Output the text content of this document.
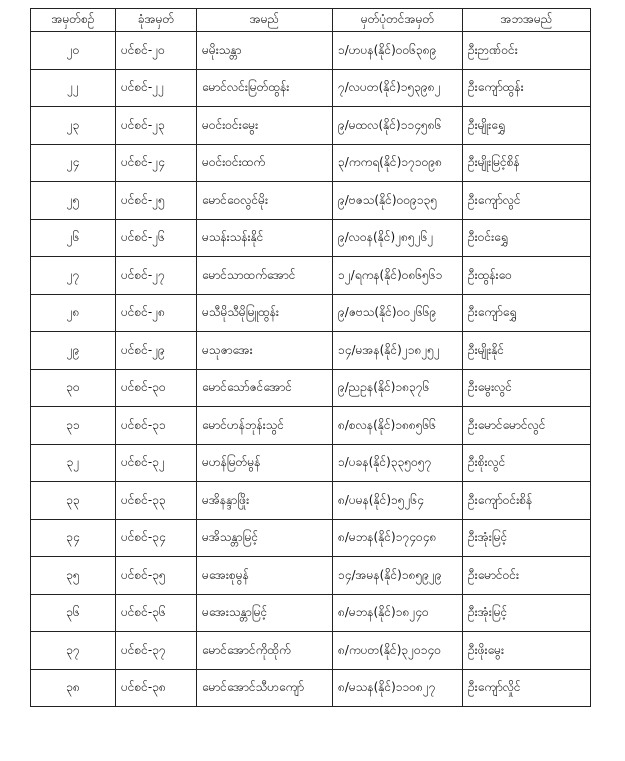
အမှတ်စဉ်	ခုံအမှတ်	အမည်	မှတ်ပုံတင်အမှတ်	အဘအမည်
၂၀	ပင်စင်-၂၀	မမိုးသန္တာ	၁/ဟပန(နိုင်)၀၀၆၃၈၉	ဦးဉာဏ်ဝင်း
၂၂	ပင်စင်-၂၂	မောင်လင်းမြတ်ထွန်း	၇/လပတ(နိုင်)၁၅၃၉၈၂	ဦးကျော်ထွန်း
၂၃	ပင်စင်-၂၃	မဝင်းဝင်းမွေး	၉/မထလ(နိုင်)၁၁၄၅၈၆	ဦးမျိုးရွှေ
၂၄	ပင်စင်-၂၄	မဝင်းဝင်းထက်	၃/ကကရ(နိုင်)၁၇၁၀၉၈	ဦးမျိုးမြင့်စိန်
၂၅	ပင်စင်-၂၅	မောင်ဝေလွင်မိုး	၉/ဗဇသ(နိုင်)၀၀၉၁၃၅	ဦးကျော်လွင်
၂၆	ပင်စင်-၂၆	မသန်းသန်းနိုင်	၉/လဝန(နိုင်)၂၈၅၂၆၂	ဦးဝင်းရွှေ
၂၇	ပင်စင်-၂၇	မောင်သာထက်အောင်	၁၂/ရကန(နိုင်)၀၈၆၅၆၁	ဦးထွန်းဝေ
၂၈	ပင်စင်-၂၈	မသီမိုသီမိုမြူထွန်း	၉/ဇဗသ(နိုင်)၀၀၂၆၆၉	ဦးကျော်ရွှေ
၂၉	ပင်စင်-၂၉	မသုဇာအေး	၁၄/မအန(နိုင်)၂၁၈၂၅၂	ဦးမျိုးနိုင်
၃၀	ပင်စင်-၃၀	မောင်သော်ဇင်အောင်	၉/ညဥန(နိုင်)၁၈၃၇၆	ဦးမွေးလွင်
၃၁	ပင်စင်-၃၁	မောင်ဟန်ဘုန်းသွင်	၈/စလန(နိုင်)၁၈၈၅၆၆	ဦးမောင်မောင်လွင်
၃၂	ပင်စင်-၃၂	မဟန်မြတ်မွန်	၁/ပခန(နိုင်)၃၃၅၀၅၇	ဦးစိုးလွင်
၃၃	ပင်စင်-၃၃	မအိနန္ဒာဖြိုး	၈/ပမန(နိုင်)၁၅၂၆၄	ဦးကျော်ဝင်းစိန်
၃၄	ပင်စင်-၃၄	မအိသန္တာမြင့်	၈/မဘန(နိုင်)၁၇၄၀၄၈	ဦးအုံးမြင့်
၃၅	ပင်စင်-၃၅	မအေးစုမွန်	၁၄/အမန(နိုင်)၁၈၅၉၂၉	ဦးမောင်ဝင်း
၃၆	ပင်စင်-၃၆	မအေးသန္တာမြင့်	၈/မဘန(နိုင်)၁၈၂၄၀	ဦးအုံးမြင့်
၃၇	ပင်စင်-၃၇	မောင်အောင်ကိုထိုက်	၈/ကပတ(နိုင်)၃၂၀၁၄၀	ဦးဖိုးမွေး
၃၈	ပင်စင်-၃၈	မောင်အောင်သီဟကျော်	၈/မသန(နိုင်)၁၁၀၈၂၇	ဦးကျော်လှိုင်
